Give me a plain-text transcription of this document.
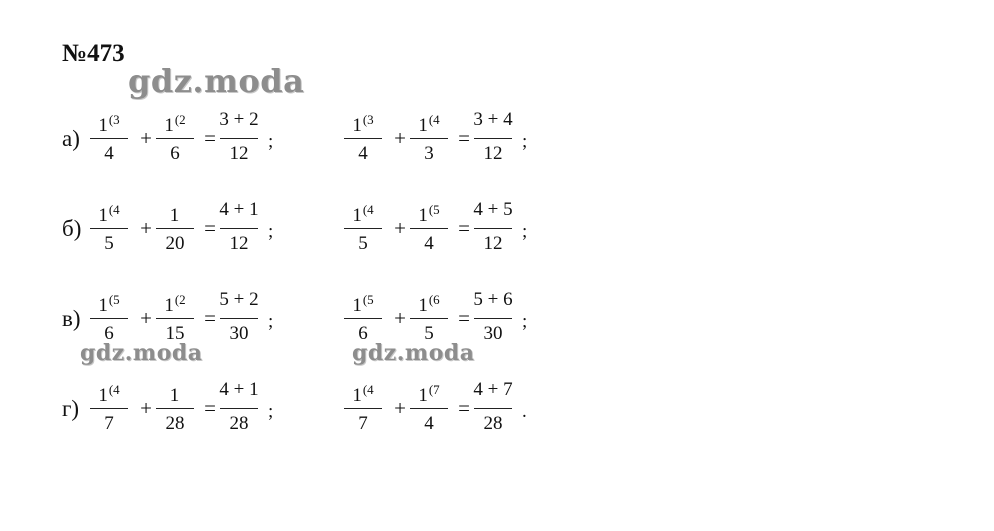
№473
gdz.moda
gdz.moda	gdz.moda
а)
1$^{(3}$
4
+
$1^{(2}$
6
=
3 + 2
12
;
1$^{(3}$
4
+
$1^{(4}$
3
=
3 + 4
12
;
б)
1$^{(4}$
5
+
1
20
=
4 + 1
12
;
1$^{(4}$
5
+
$1^{(5}$
4
=
4 + 5
12
;
в)
1$^{(5}$
6
+
$1^{(2}$
15
=
5 + 2
30
;
1$^{(5}$
6
+
$1^{(6}$
5
=
5 + 6
30
;
г)
1$^{(4}$
7
+
1
28
=
4 + 1
28
;
1$^{(4}$
7
+
$1^{(7}$
4
=
4 + 7
28
.
